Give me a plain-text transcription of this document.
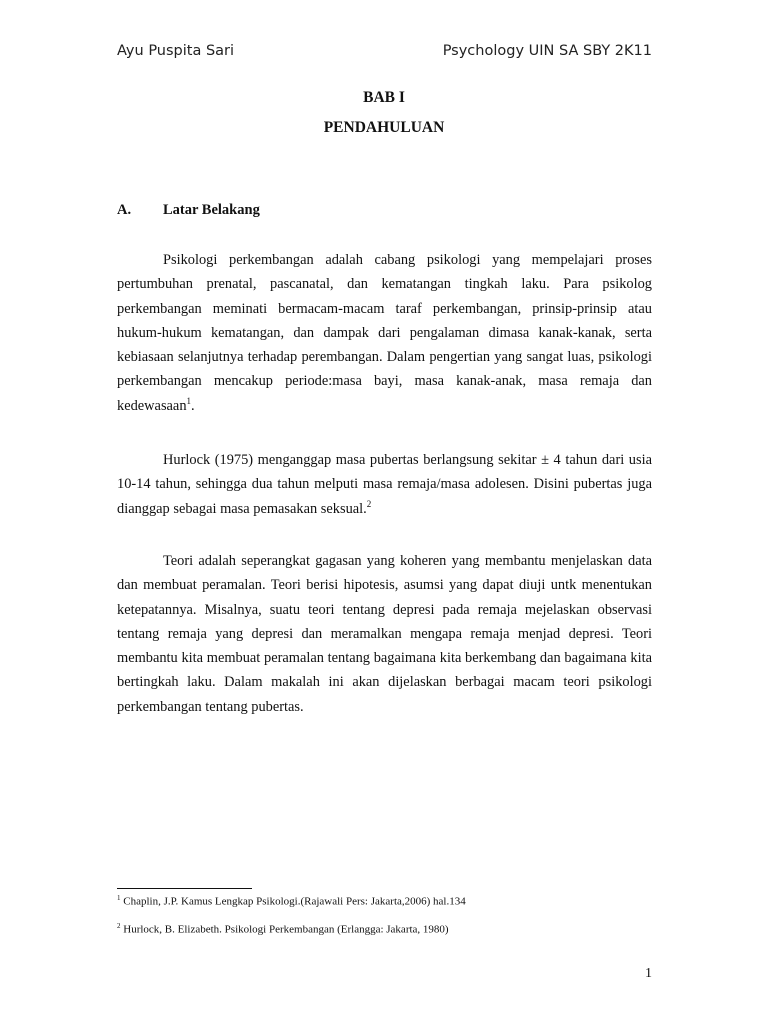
Ayu Puspita Sari	Psychology UIN SA SBY 2K11
BAB I
PENDAHULUAN
A. Latar Belakang

Psikologi perkembangan adalah cabang psikologi yang mempelajari proses pertumbuhan prenatal, pascanatal, dan kematangan tingkah laku. Para psikolog perkembangan meminati bermacam-macam taraf perkembangan, prinsip-prinsip atau hukum-hukum kematangan, dan dampak dari pengalaman dimasa kanak-kanak, serta kebiasaan selanjutnya terhadap perembangan. Dalam pengertian yang sangat luas, psikologi perkembangan mencakup periode:masa bayi, masa kanak-anak, masa remaja dan kedewasaan$^1$.

Hurlock (1975) menganggap masa pubertas berlangsung sekitar ± 4 tahun dari usia 10-14 tahun, sehingga dua tahun melputi masa remaja/masa adolesen. Disini pubertas juga dianggap sebagai masa pemasakan seksual.$^2$

Teori adalah seperangkat gagasan yang koheren yang membantu menjelaskan data dan membuat peramalan. Teori berisi hipotesis, asumsi yang dapat diuji untk menentukan ketepatannya. Misalnya, suatu teori tentang depresi pada remaja mejelaskan observasi tentang remaja yang depresi dan meramalkan mengapa remaja menjad depresi. Teori membantu kita membuat peramalan tentang bagaimana kita berkembang dan bagaimana kita bertingkah laku. Dalam makalah ini akan dijelaskan berbagai macam teori psikologi perkembangan tentang pubertas.

$^1$ Chaplin, J.P. Kamus Lengkap Psikologi.(Rajawali Pers: Jakarta,2006) hal.134
$^2$ Hurlock, B. Elizabeth. Psikologi Perkembangan (Erlangga: Jakarta, 1980)
1
